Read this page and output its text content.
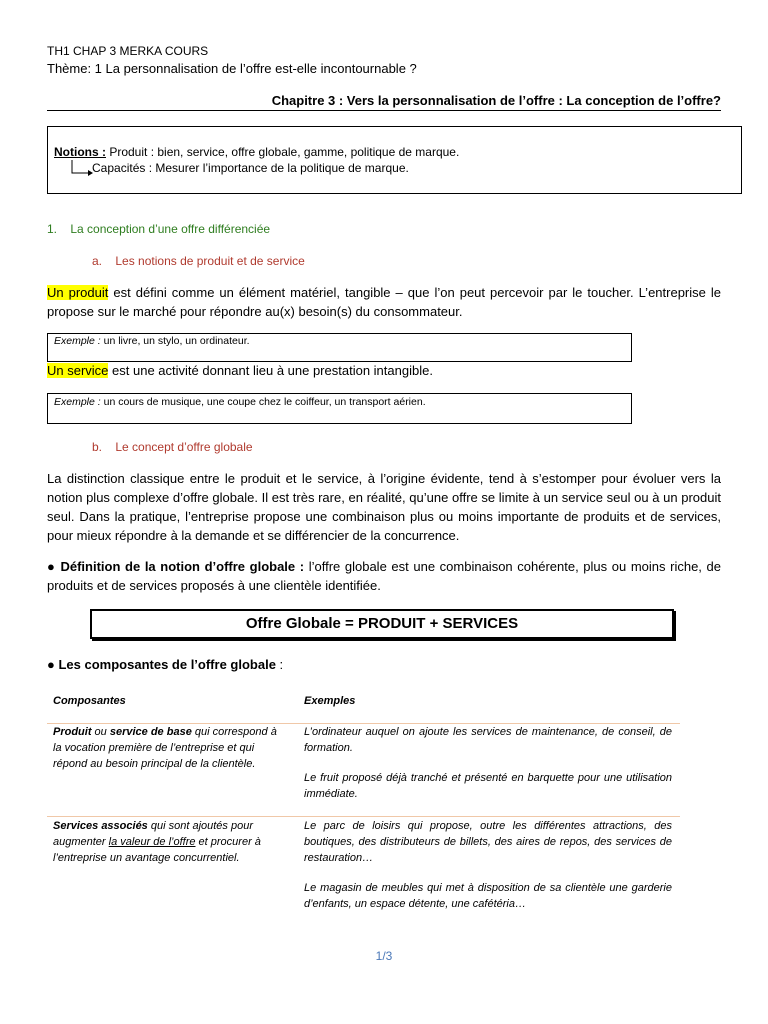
TH1 CHAP 3 MERKA COURS
Thème: 1 La personnalisation de l’offre est-elle incontournable ?
Chapitre 3 : Vers la personnalisation de l’offre : La conception de l’offre?
Notions : Produit : bien, service, offre globale, gamme, politique de marque.
Capacités : Mesurer l’importance de la politique de marque.
1. La conception d’une offre différenciée
a. Les notions de produit et de service
Un produit est défini comme un élément matériel, tangible – que l’on peut percevoir par le toucher. L’entreprise le propose sur le marché pour répondre au(x) besoin(s) du consommateur.
Exemple : un livre, un stylo, un ordinateur.
Un service est une activité donnant lieu à une prestation intangible.
Exemple : un cours de musique, une coupe chez le coiffeur, un transport aérien.
b. Le concept d’offre globale
La distinction classique entre le produit et le service, à l’origine évidente, tend à s’estomper pour évoluer vers la notion plus complexe d’offre globale. Il est très rare, en réalité, qu’une offre se limite à un service seul ou à un produit seul. Dans la pratique, l’entreprise propose une combinaison plus ou moins importante de produits et de services, pour mieux répondre à la demande et se différencier de la concurrence.
● Définition de la notion d’offre globale : l’offre globale est une combinaison cohérente, plus ou moins riche, de produits et de services proposés à une clientèle identifiée.
Offre Globale = PRODUIT + SERVICES
● Les composantes de l’offre globale :
Composantes	Exemples
Produit ou service de base qui correspond à la vocation première de l’entreprise et qui répond au besoin principal de la clientèle.
L’ordinateur auquel on ajoute les services de maintenance, de conseil, de formation.
Le fruit proposé déjà tranché et présenté en barquette pour une utilisation immédiate.
Services associés qui sont ajoutés pour augmenter la valeur de l’offre et procurer à l’entreprise un avantage concurrentiel.
Le parc de loisirs qui propose, outre les différentes attractions, des boutiques, des distributeurs de billets, des aires de repos, des services de restauration…
Le magasin de meubles qui met à disposition de sa clientèle une garderie d’enfants, un espace détente, une cafétéria…
1/3
